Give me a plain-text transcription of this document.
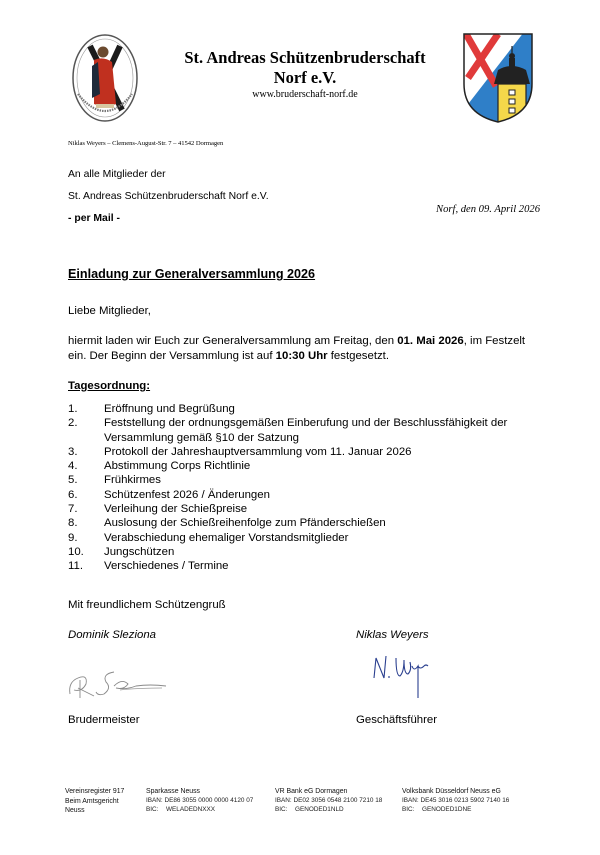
St. Andreas Schützenbruderschaft
Norf e.V.
www.bruderschaft-norf.de
Niklas Weyers – Clemens-August-Str. 7 – 41542 Dormagen
An alle Mitglieder der
St. Andreas Schützenbruderschaft Norf e.V.
- per Mail -
Norf, den 09. April 2026
Einladung zur Generalversammlung 2026
Liebe Mitglieder,
hiermit laden wir Euch zur Generalversammlung am Freitag, den 01. Mai 2026, im Festzelt ein. Der Beginn der Versammlung ist auf 10:30 Uhr festgesetzt.
Tagesordnung:
1. Eröffnung und Begrüßung
2. Feststellung der ordnungsgemäßen Einberufung und der Beschlussfähigkeit der Versammlung gemäß §10 der Satzung
3. Protokoll der Jahreshauptversammlung vom 11. Januar 2026
4. Abstimmung Corps Richtlinie
5. Frühkirmes
6. Schützenfest 2026 / Änderungen
7. Verleihung der Schießpreise
8. Auslosung der Schießreihenfolge zum Pfänderschießen
9. Verabschiedung ehemaliger Vorstandsmitglieder
10. Jungschützen
11. Verschiedenes / Termine
Mit freundlichem Schützengruß
Dominik Sleziona	Niklas Weyers
Brudermeister	Geschäftsführer
Vereinsregister 917
Beim Amtsgericht
Neuss
Sparkasse Neuss
IBAN: DE86 3055 0000 0000 4120 07
BIC: WELADEDNXXX
VR Bank eG Dormagen
IBAN: DE02 3056 0548 2100 7210 18
BIC: GENODED1NLD
Volksbank Düsseldorf Neuss eG
IBAN: DE45 3016 0213 5902 7140 16
BIC: GENODED1DNE
